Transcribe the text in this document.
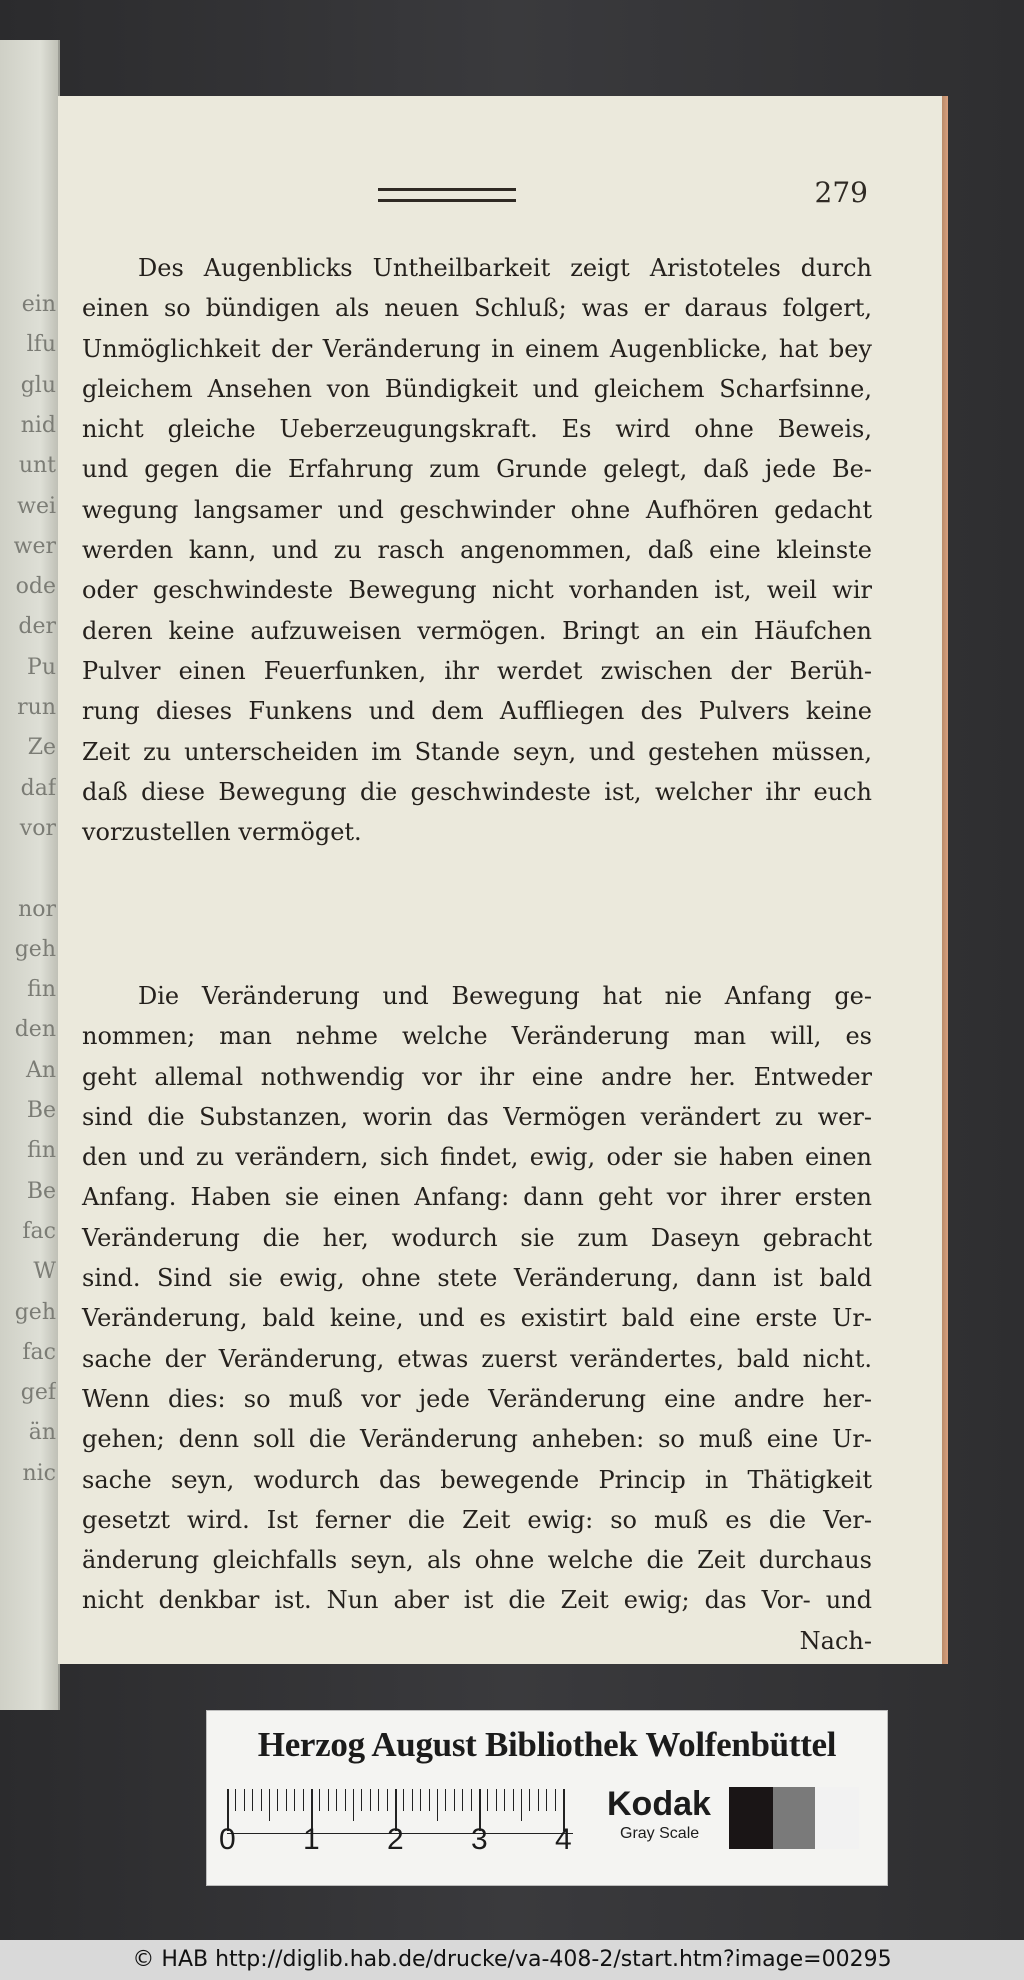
ein
lfu
glu
nid
unt
wei
wer
ode
der
Pu
run
Ze
daf
vor
nor
geh
fin
den
An
Be
fin
Be
fac
W
geh
fac
gef
än
nic
279
Des Augenblicks Untheilbarkeit zeigt Aristoteles durch
einen so bündigen als neuen Schluß; was er daraus folgert,
Unmöglichkeit der Veränderung in einem Augenblicke, hat bey
gleichem Ansehen von Bündigkeit und gleichem Scharfsinne,
nicht gleiche Ueberzeugungskraft. Es wird ohne Beweis,
und gegen die Erfahrung zum Grunde gelegt, daß jede Be-
wegung langsamer und geschwinder ohne Aufhören gedacht
werden kann, und zu rasch angenommen, daß eine kleinste
oder geschwindeste Bewegung nicht vorhanden ist, weil wir
deren keine aufzuweisen vermögen. Bringt an ein Häufchen
Pulver einen Feuerfunken, ihr werdet zwischen der Berüh-
rung dieses Funkens und dem Auffliegen des Pulvers keine
Zeit zu unterscheiden im Stande seyn, und gestehen müssen,
daß diese Bewegung die geschwindeste ist, welcher ihr euch
vorzustellen vermöget.
Die Veränderung und Bewegung hat nie Anfang ge-
nommen; man nehme welche Veränderung man will, es
geht allemal nothwendig vor ihr eine andre her. Entweder
sind die Substanzen, worin das Vermögen verändert zu wer-
den und zu verändern, sich findet, ewig, oder sie haben einen
Anfang. Haben sie einen Anfang: dann geht vor ihrer ersten
Veränderung die her, wodurch sie zum Daseyn gebracht
sind. Sind sie ewig, ohne stete Veränderung, dann ist bald
Veränderung, bald keine, und es existirt bald eine erste Ur-
sache der Veränderung, etwas zuerst verändertes, bald nicht.
Wenn dies: so muß vor jede Veränderung eine andre her-
gehen; denn soll die Veränderung anheben: so muß eine Ur-
sache seyn, wodurch das bewegende Princip in Thätigkeit
gesetzt wird. Ist ferner die Zeit ewig: so muß es die Ver-
änderung gleichfalls seyn, als ohne welche die Zeit durchaus
nicht denkbar ist. Nun aber ist die Zeit ewig; das Vor- und
Nach-
Herzog August Bibliothek Wolfenbüttel
0 1 2 3 4
Kodak
Gray Scale
© HAB http://diglib.hab.de/drucke/va-408-2/start.htm?image=00295
